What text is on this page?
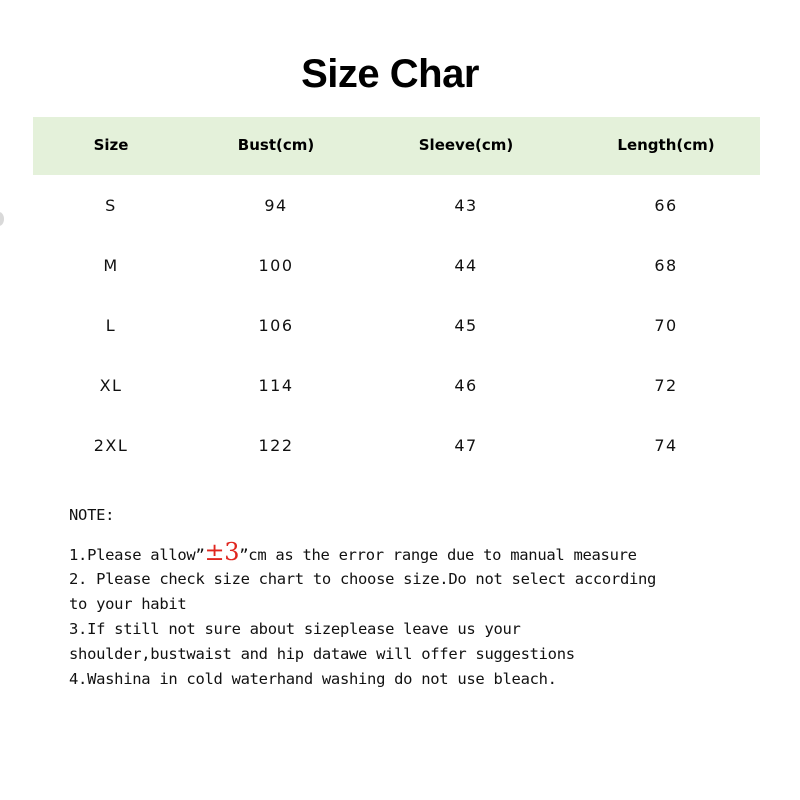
Size Char
Size	Bust(cm)	Sleeve(cm)	Length(cm)
S	94	43	66
M	100	44	68
L	106	45	70
XL	114	46	72
2XL	122	47	74
NOTE:
1.Please allow”±3”cm as the error range due to manual measure
2. Please check size chart to choose size.Do not select according
to your habit
3.If still not sure about sizeplease leave us your
shoulder,bustwaist and hip datawe will offer suggestions
4.Washina in cold waterhand washing do not use bleach.
